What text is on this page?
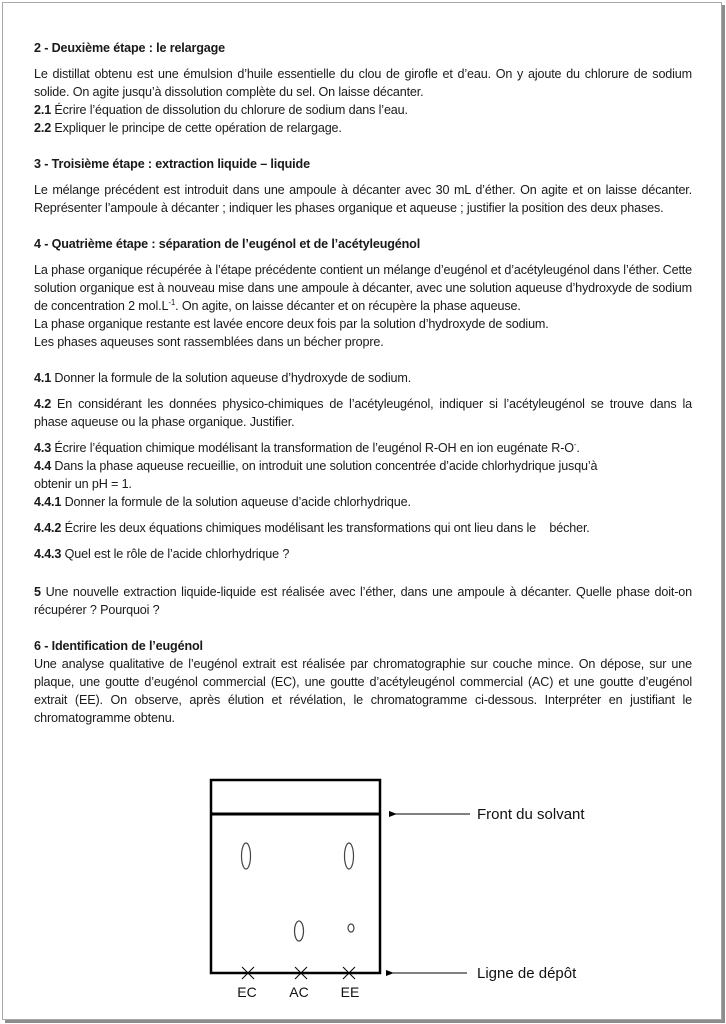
2 - Deuxième étape : le relargage

Le distillat obtenu est une émulsion d’huile essentielle du clou de girofle et d’eau. On y ajoute du chlorure de sodium solide. On agite jusqu’à dissolution complète du sel. On laisse décanter.

2.1 Écrire l’équation de dissolution du chlorure de sodium dans l’eau.

2.2 Expliquer le principe de cette opération de relargage.

3 - Troisième étape : extraction liquide – liquide

Le mélange précédent est introduit dans une ampoule à décanter avec 30 mL d’éther. On agite et on laisse décanter. Représenter l’ampoule à décanter ; indiquer les phases organique et aqueuse ; justifier la position des deux phases.

4 - Quatrième étape : séparation de l’eugénol et de l’acétyleugénol

La phase organique récupérée à l’étape précédente contient un mélange d’eugénol et d’acétyleugénol dans l’éther. Cette solution organique est à nouveau mise dans une ampoule à décanter, avec une solution aqueuse d’hydroxyde de sodium de concentration 2 $mol.L^{-1}$. On agite, on laisse décanter et on récupère la phase aqueuse.

La phase organique restante est lavée encore deux fois par la solution d’hydroxyde de sodium.

Les phases aqueuses sont rassemblées dans un bécher propre.

4.1 Donner la formule de la solution aqueuse d’hydroxyde de sodium.

4.2 En considérant les données physico-chimiques de l’acétyleugénol, indiquer si l’acétyleugénol se trouve dans la phase aqueuse ou la phase organique. Justifier.

4.3 Écrire l’équation chimique modélisant la transformation de l’eugénol R-OH en ion eugénate R-O-.

4.4 Dans la phase aqueuse recueillie, on introduit une solution concentrée d’acide chlorhydrique jusqu’à obtenir un pH = 1.

4.4.1 Donner la formule de la solution aqueuse d’acide chlorhydrique.

4.4.2 Écrire les deux équations chimiques modélisant les transformations qui ont lieu dans le    bécher.

4.4.3 Quel est le rôle de l’acide chlorhydrique ?

5 Une nouvelle extraction liquide-liquide est réalisée avec l’éther, dans une ampoule à décanter. Quelle phase doit-on récupérer ? Pourquoi ?

6 - Identification de l’eugénol

Une analyse qualitative de l’eugénol extrait est réalisée par chromatographie sur couche mince. On dépose, sur une plaque, une goutte d’eugénol commercial (EC), une goutte d’acétyleugénol commercial (AC) et une goutte d’eugénol extrait (EE). On observe, après élution et révélation, le chromatogramme ci-dessous. Interpréter en justifiant le chromatogramme obtenu.

EC AC EE
Front du solvant
Ligne de dépôt
